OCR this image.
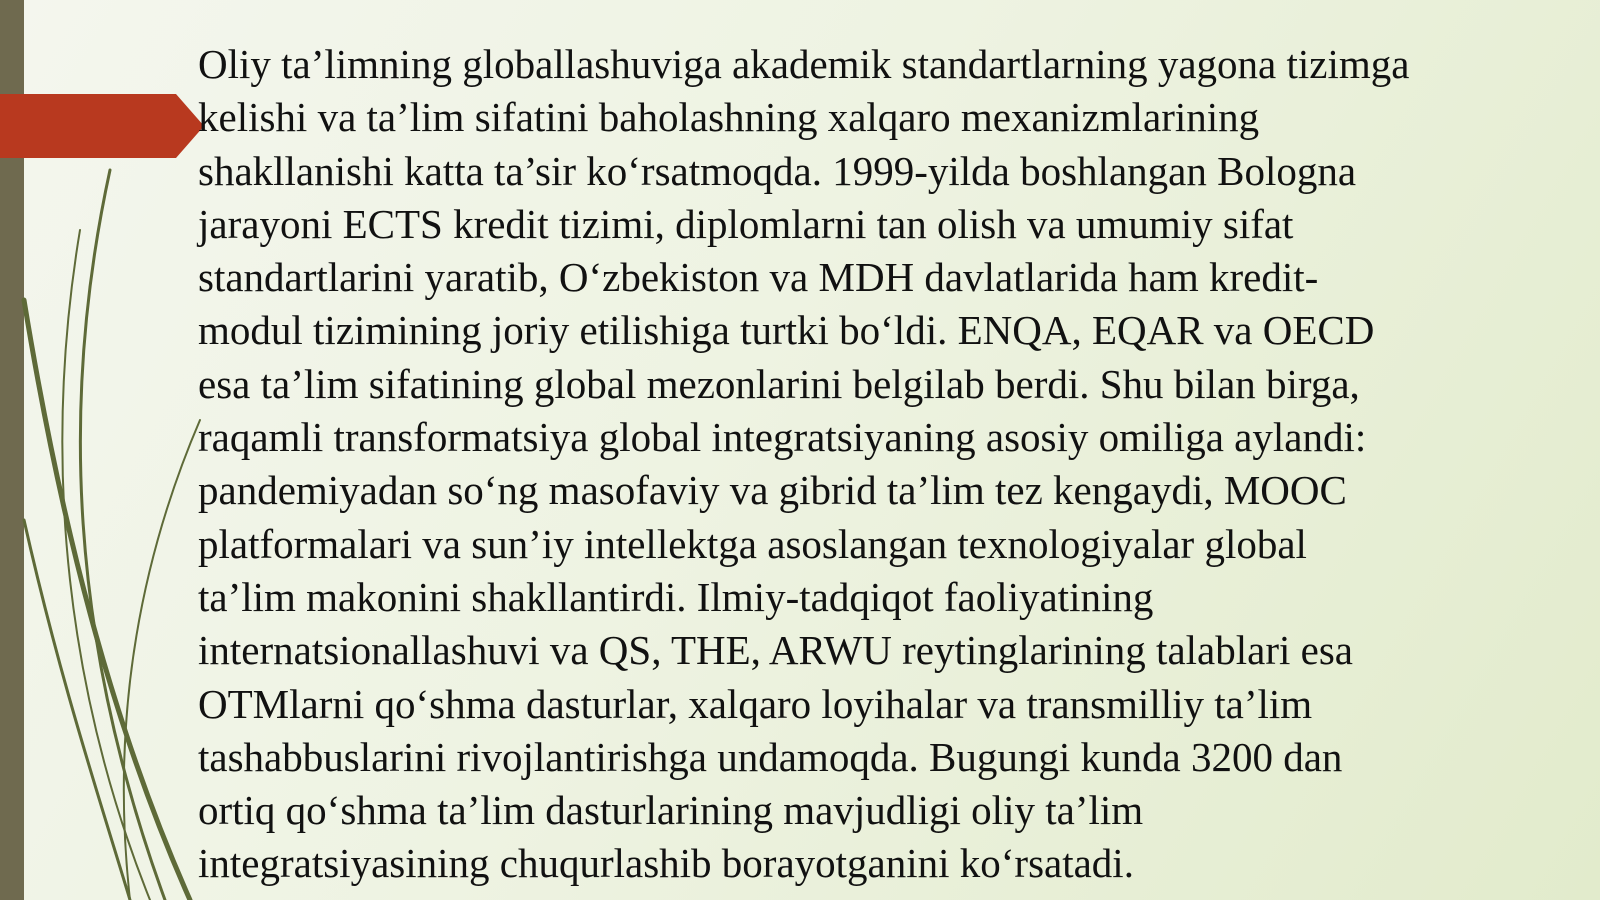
Oliy ta’limning globallashuviga akademik standartlarning yagona tizimga
kelishi va ta’lim sifatini baholashning xalqaro mexanizmlarining
shakllanishi katta ta’sir ko‘rsatmoqda. 1999-yilda boshlangan Bologna
jarayoni ECTS kredit tizimi, diplomlarni tan olish va umumiy sifat
standartlarini yaratib, O‘zbekiston va MDH davlatlarida ham kredit-
modul tizimining joriy etilishiga turtki bo‘ldi. ENQA, EQAR va OECD
esa ta’lim sifatining global mezonlarini belgilab berdi. Shu bilan birga,
raqamli transformatsiya global integratsiyaning asosiy omiliga aylandi:
pandemiyadan so‘ng masofaviy va gibrid ta’lim tez kengaydi, MOOC
platformalari va sun’iy intellektga asoslangan texnologiyalar global
ta’lim makonini shakllantirdi. Ilmiy-tadqiqot faoliyatining
internatsionallashuvi va QS, THE, ARWU reytinglarining talablari esa
OTMlarni qo‘shma dasturlar, xalqaro loyihalar va transmilliy ta’lim
tashabbuslarini rivojlantirishga undamoqda. Bugungi kunda 3200 dan
ortiq qo‘shma ta’lim dasturlarining mavjudligi oliy ta’lim
integratsiyasining chuqurlashib borayotganini ko‘rsatadi.
